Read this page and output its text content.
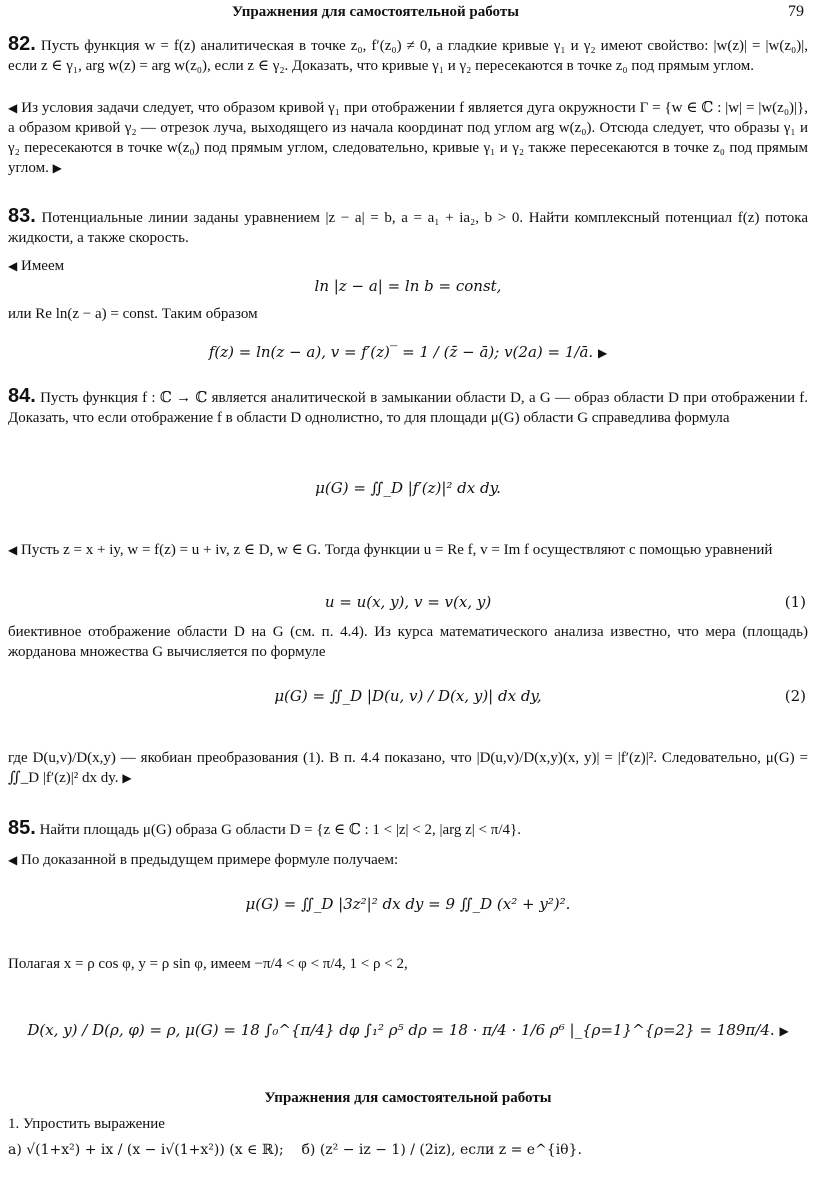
Упражнения для самостоятельной работы	79
82. Пусть функция w = f(z) аналитическая в точке z₀, f′(z₀) ≠ 0, а гладкие кривые γ₁ и γ₂ имеют свойство: |w(z)| = |w(z₀)|, если z ∈ γ₁, arg w(z) = arg w(z₀), если z ∈ γ₂. Доказать, что кривые γ₁ и γ₂ пересекаются в точке z₀ под прямым углом.
◀ Из условия задачи следует, что образом кривой γ₁ при отображении f является дуга окружности Γ = {w ∈ ℂ : |w| = |w(z₀)|}, а образом кривой γ₂ — отрезок луча, выходящего из начала координат под углом arg w(z₀). Отсюда следует, что образы γ₁ и γ₂ пересекаются в точке w(z₀) под прямым углом, следовательно, кривые γ₁ и γ₂ также пересекаются в точке z₀ под прямым углом. ▶
83. Потенциальные линии заданы уравнением |z − a| = b, a = a₁ + ia₂, b > 0. Найти комплексный потенциал f(z) потока жидкости, а также скорость.
◀ Имеем
ln |z − a| = ln b = const,
или Re ln(z − a) = const. Таким образом
f(z) = ln(z − a), v = f′(z)‾ = 1 / (z̄ − ā); v(2a) = 1/ā. ▶
84. Пусть функция f : ℂ → ℂ является аналитической в замыкании области D, а G — образ области D при отображении f. Доказать, что если отображение f в области D однолистно, то для площади μ(G) области G справедлива формула
μ(G) = ∬_D |f′(z)|² dx dy.
◀ Пусть z = x + iy, w = f(z) = u + iv, z ∈ D, w ∈ G. Тогда функции u = Re f, v = Im f осуществляют с помощью уравнений
u = u(x, y), v = v(x, y)	(1)
биективное отображение области D на G (см. п. 4.4). Из курса математического анализа известно, что мера (площадь) жорданова множества G вычисляется по формуле
μ(G) = ∬_D |D(u, v) / D(x, y)| dx dy,	(2)
где D(u,v)/D(x,y) — якобиан преобразования (1). В п. 4.4 показано, что |D(u,v)/D(x,y)(x, y)| = |f′(z)|². Следовательно, μ(G) = ∬_D |f′(z)|² dx dy. ▶
85. Найти площадь μ(G) образа G области D = {z ∈ ℂ : 1 < |z| < 2, |arg z| < π/4}.
◀ По доказанной в предыдущем примере формуле получаем:
μ(G) = ∬_D |3z²|² dx dy = 9 ∬_D (x² + y²)².
Полагая x = ρ cos φ, y = ρ sin φ, имеем −π/4 < φ < π/4, 1 < ρ < 2,
D(x, y) / D(ρ, φ) = ρ, μ(G) = 18 ∫₀^{π/4} dφ ∫₁² ρ⁵ dρ = 18 · π/4 · 1/6 ρ⁶ |_{ρ=1}^{ρ=2} = 189π/4. ▶
Упражнения для самостоятельной работы
1. Упростить выражение
а) √(1+x²) + ix / (x − i√(1+x²)) (x ∈ ℝ); б) (z² − iz − 1) / (2iz), если z = e^{iθ}.
